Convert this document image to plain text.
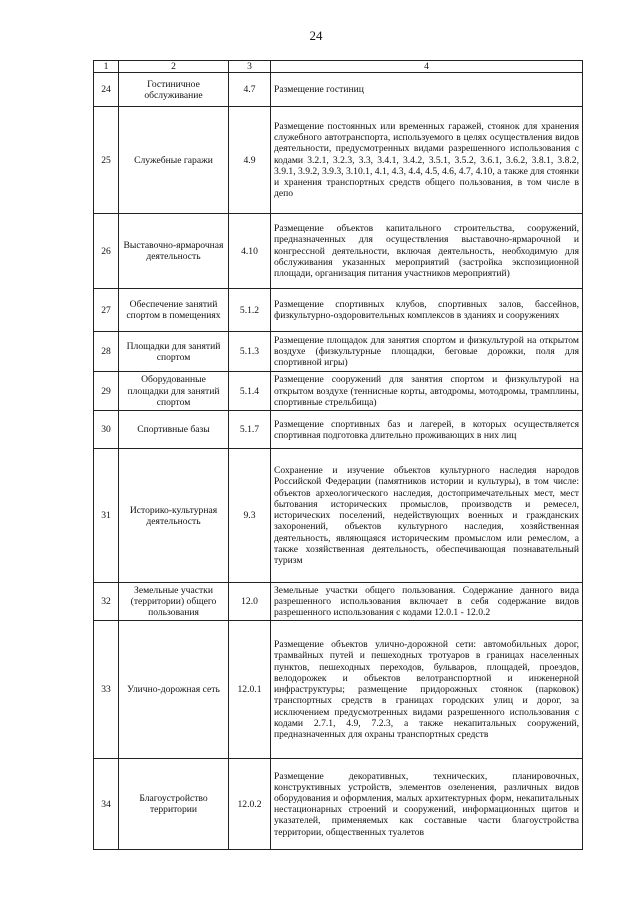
24
1	2	3	4
24	Гостиничное обслуживание	4.7	Размещение гостиниц
25	Служебные гаражи	4.9	Размещение постоянных или временных гаражей, стоянок для хранения служебного автотранспорта, используемого в целях осуществления видов деятельности, предусмотренных видами разрешенного использования с кодами 3.2.1, 3.2.3, 3.3, 3.4.1, 3.4.2, 3.5.1, 3.5.2, 3.6.1, 3.6.2, 3.8.1, 3.8.2, 3.9.1, 3.9.2, 3.9.3, 3.10.1, 4.1, 4.3, 4.4, 4.5, 4.6, 4.7, 4.10, а также для стоянки и хранения транспортных средств общего пользования, в том числе в депо
26	Выставочно-ярмарочная деятельность	4.10	Размещение объектов капитального строительства, сооружений, предназначенных для осуществления выставочно-ярмарочной и конгрессной деятельности, включая деятельность, необходимую для обслуживания указанных мероприятий (застройка экспозиционной площади, организация питания участников мероприятий)
27	Обеспечение занятий спортом в помещениях	5.1.2	Размещение спортивных клубов, спортивных залов, бассейнов, физкультурно-оздоровительных комплексов в зданиях и сооружениях
28	Площадки для занятий спортом	5.1.3	Размещение площадок для занятия спортом и физкультурой на открытом воздухе (физкультурные площадки, беговые дорожки, поля для спортивной игры)
29	Оборудованные площадки для занятий спортом	5.1.4	Размещение сооружений для занятия спортом и физкультурой на открытом воздухе (теннисные корты, автодромы, мотодромы, трамплины, спортивные стрельбища)
30	Спортивные базы	5.1.7	Размещение спортивных баз и лагерей, в которых осуществляется спортивная подготовка длительно проживающих в них лиц
31	Историко-культурная деятельность	9.3	Сохранение и изучение объектов культурного наследия народов Российской Федерации (памятников истории и культуры), в том числе: объектов археологического наследия, достопримечательных мест, мест бытования исторических промыслов, производств и ремесел, исторических поселений, недействующих военных и гражданских захоронений, объектов культурного наследия, хозяйственная деятельность, являющаяся историческим промыслом или ремеслом, а также хозяйственная деятельность, обеспечивающая познавательный туризм
32	Земельные участки (территории) общего пользования	12.0	Земельные участки общего пользования. Содержание данного вида разрешенного использования включает в себя содержание видов разрешенного использования с кодами 12.0.1 - 12.0.2
33	Улично-дорожная сеть	12.0.1	Размещение объектов улично-дорожной сети: автомобильных дорог, трамвайных путей и пешеходных тротуаров в границах населенных пунктов, пешеходных переходов, бульваров, площадей, проездов, велодорожек и объектов велотранспортной и инженерной инфраструктуры; размещение придорожных стоянок (парковок) транспортных средств в границах городских улиц и дорог, за исключением предусмотренных видами разрешенного использования с кодами 2.7.1, 4.9, 7.2.3, а также некапитальных сооружений, предназначенных для охраны транспортных средств
34	Благоустройство территории	12.0.2	Размещение декоративных, технических, планировочных, конструктивных устройств, элементов озеленения, различных видов оборудования и оформления, малых архитектурных форм, некапитальных нестационарных строений и сооружений, информационных щитов и указателей, применяемых как составные части благоустройства территории, общественных туалетов
